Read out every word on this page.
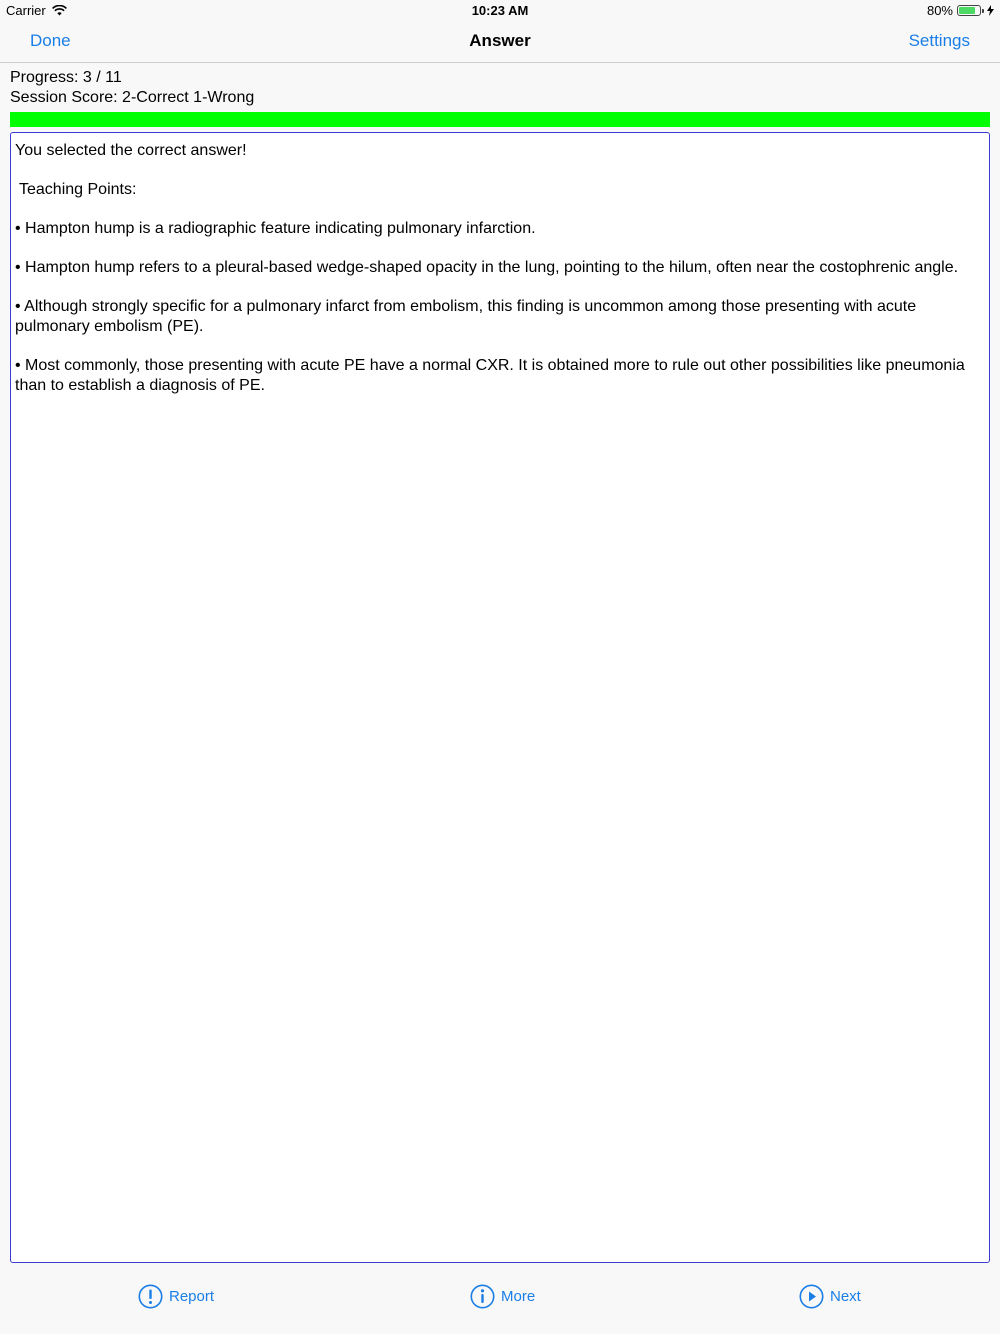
Carrier	10:23 AM	80%
Done	Answer	Settings
Progress: 3 / 11
Session Score: 2-Correct 1-Wrong

You selected the correct answer!

Teaching Points:

• Hampton hump is a radiographic feature indicating pulmonary infarction.

• Hampton hump refers to a pleural-based wedge-shaped opacity in the lung, pointing to the hilum, often near the costophrenic angle.

• Although strongly specific for a pulmonary infarct from embolism, this finding is uncommon among those presenting with acute pulmonary embolism (PE).

• Most commonly, those presenting with acute PE have a normal CXR. It is obtained more to rule out other possibilities like pneumonia than to establish a diagnosis of PE.

Report	More	Next
